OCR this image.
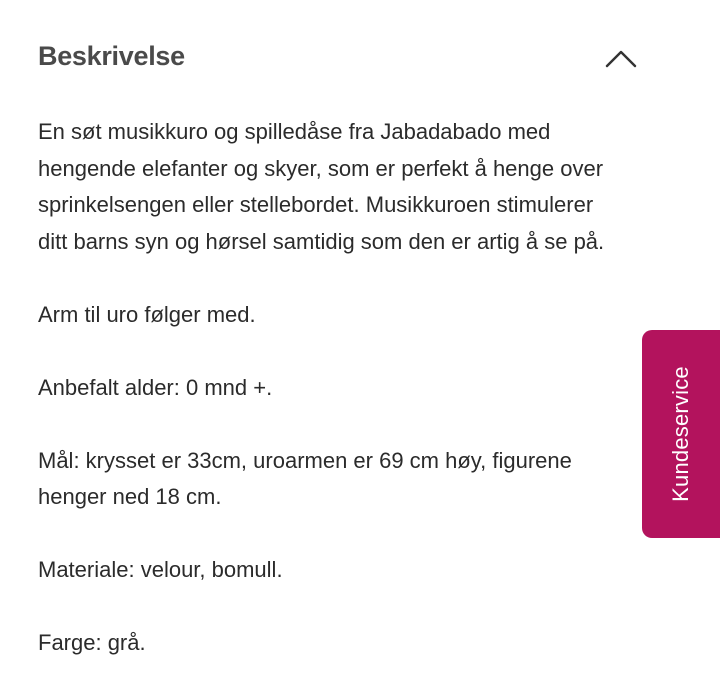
Beskrivelse

En søt musikkuro og spilledåse fra Jabadabado med
hengende elefanter og skyer, som er perfekt å henge over
sprinkelsengen eller stellebordet. Musikkuroen stimulerer
ditt barns syn og hørsel samtidig som den er artig å se på.

Arm til uro følger med.

Anbefalt alder: 0 mnd +.

Mål: krysset er 33cm, uroarmen er 69 cm høy, figurene
henger ned 18 cm.

Materiale: velour, bomull.

Farge: grå.

Kundeservice
